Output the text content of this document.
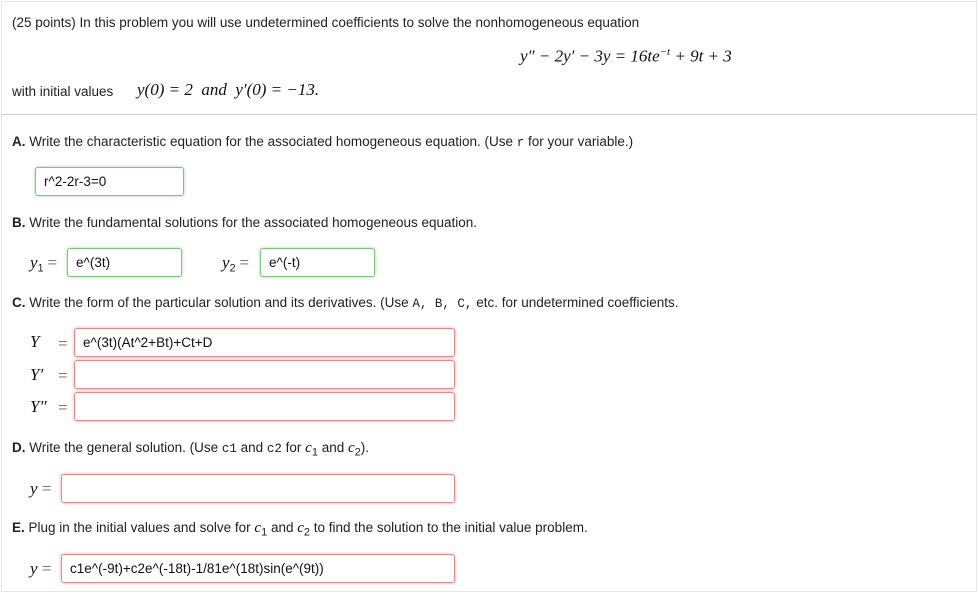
(25 points) In this problem you will use undetermined coefficients to solve the nonhomogeneous equation
$y'' - 2y' - 3y = 16te^{-t} + 9t + 3$
with initial values y(0) = 2  and  y′(0) = −13.
A. Write the characteristic equation for the associated homogeneous equation. (Use r for your variable.)
r^2-2r-3=0
B. Write the fundamental solutions for the associated homogeneous equation.
$y_1$ =	e^(3t)	$y_2$ =	e^(-t)
C. Write the form of the particular solution and its derivatives. (Use A, B, C, etc. for undetermined coefficients.
Y =	e^(3t)(At^2+Bt)+Ct+D
Y′ =
Y″ =
D. Write the general solution. (Use c1 and c2 for $c_1$ and $c_2$).
y =
E. Plug in the initial values and solve for $c_1$ and $c_2$ to find the solution to the initial value problem.
y =	c1e^(-9t)+c2e^(-18t)-1/81e^(18t)sin(e^(9t))
